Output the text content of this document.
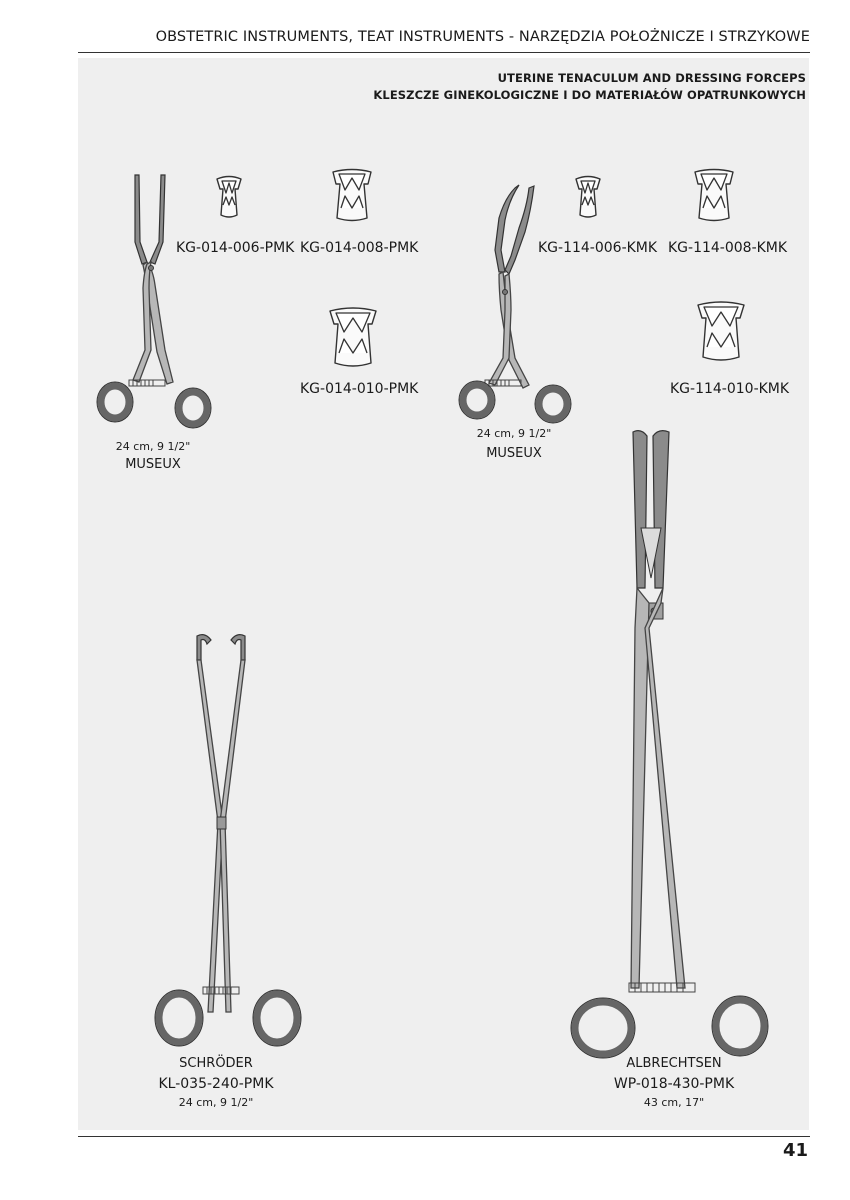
OBSTETRIC INSTRUMENTS, TEAT INSTRUMENTS - NARZĘDZIA POŁOŻNICZE I STRZYKOWE
UTERINE TENACULUM AND DRESSING FORCEPS
KLESZCZE GINEKOLOGICZNE I DO MATERIAŁÓW OPATRUNKOWYCH
KG-014-006-PMK KG-014-008-PMK
KG-014-010-PMK
24 cm, 9 1/2"
MUSEUX
KG-114-006-KMK KG-114-008-KMK
KG-114-010-KMK
24 cm, 9 1/2"
MUSEUX
SCHRÖDER
KL-035-240-PMK
24 cm, 9 1/2"
ALBRECHTSEN
WP-018-430-PMK
43 cm, 17"
41
